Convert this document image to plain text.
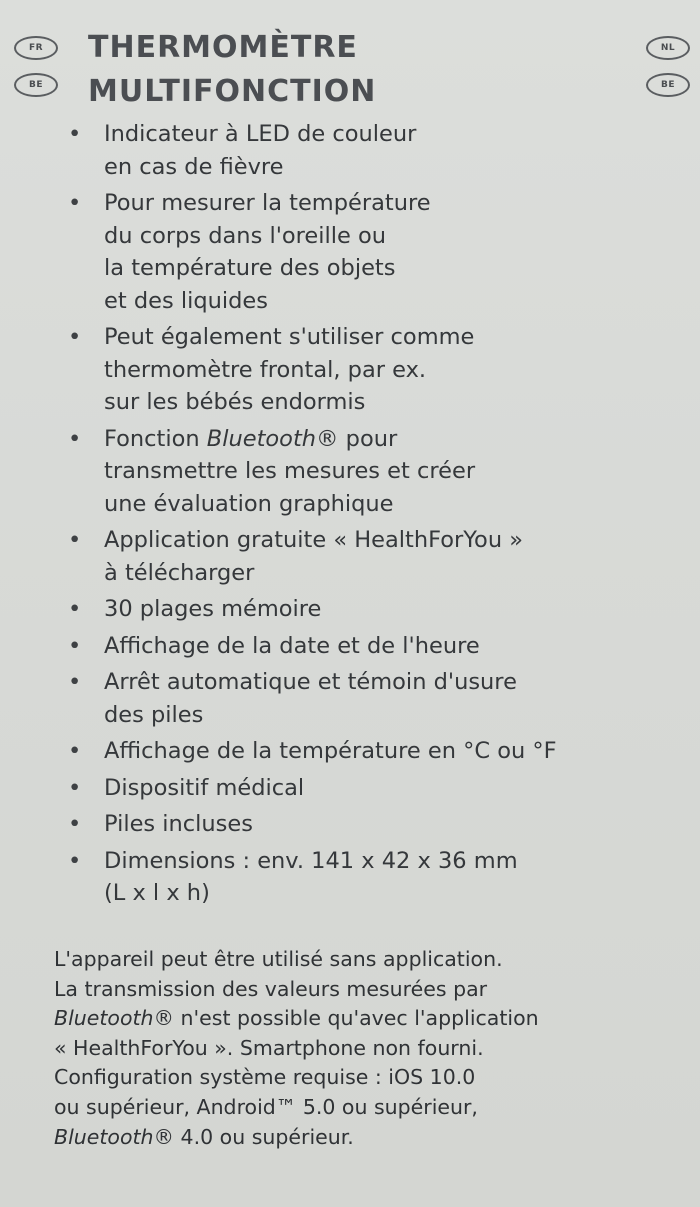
FR
BE
NL
BE
THERMOMÈTRE
MULTIFONCTION
• Indicateur à LED de couleur
en cas de fièvre
• Pour mesurer la température
du corps dans l'oreille ou
la température des objets
et des liquides
• Peut également s'utiliser comme
thermomètre frontal, par ex.
sur les bébés endormis
• Fonction Bluetooth® pour
transmettre les mesures et créer
une évaluation graphique
• Application gratuite « HealthForYou »
à télécharger
• 30 plages mémoire
• Affichage de la date et de l'heure
• Arrêt automatique et témoin d'usure
des piles
• Affichage de la température en °C ou °F
• Dispositif médical
• Piles incluses
• Dimensions : env. 141 x 42 x 36 mm
(L x l x h)
L'appareil peut être utilisé sans application.
La transmission des valeurs mesurées par
Bluetooth® n'est possible qu'avec l'application
« HealthForYou ». Smartphone non fourni.
Configuration système requise : iOS 10.0
ou supérieur, Android™ 5.0 ou supérieur,
Bluetooth® 4.0 ou supérieur.
